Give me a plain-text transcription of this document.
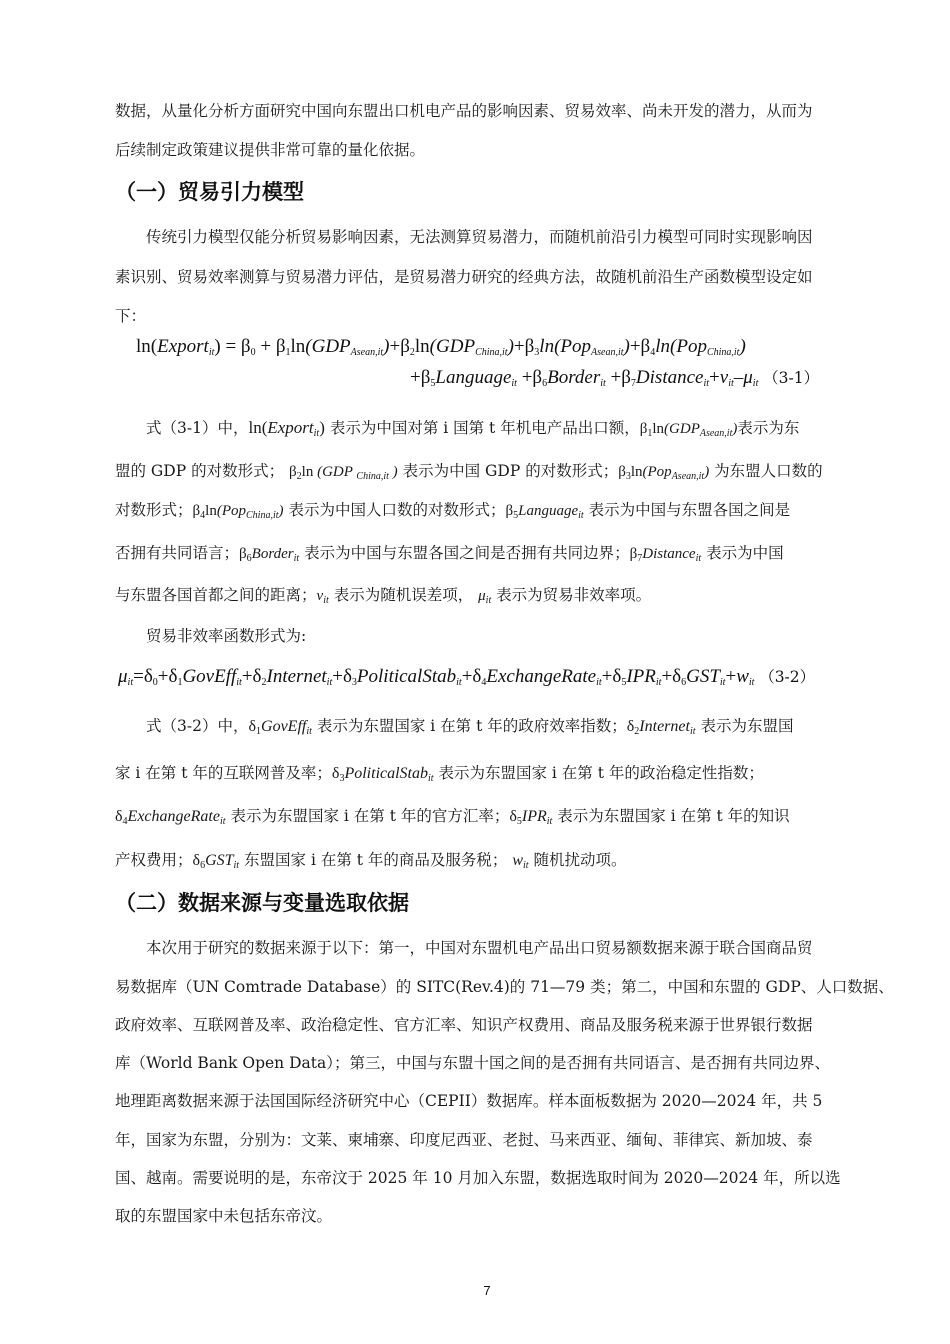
数据，从量化分析方面研究中国向东盟出口机电产品的影响因素、贸易效率、尚未开发的潜力，从而为
后续制定政策建议提供非常可靠的量化依据。
（一）贸易引力模型
传统引力模型仅能分析贸易影响因素，无法测算贸易潜力，而随机前沿引力模型可同时实现影响因
素识别、贸易效率测算与贸易潜力评估，是贸易潜力研究的经典方法，故随机前沿生产函数模型设定如
下：
ln(Export$_{it}$) = $\beta_0 + \beta_1\ln(GDP_{Asean,it})+\beta_2\ln(GDP_{China,it})+\beta_3\ln(Pop_{Asean,it})+\beta_4\ln(Pop_{China,it})$
$+\beta_5Language_{it}$ $+\beta_6Border_{it}$ $+\beta_7Distance_{it}+v_{it}-\mu_{it}$ （3-1）
式（3-1）中，ln(Export$_{it}$) 表示为中国对第 i 国第 t 年机电产品出口额，$\beta_1\ln(GDP_{Asean,it})$表示为东
盟的 GDP 的对数形式； $\beta_2\ln$ (GDP $_{China,it}$ ) 表示为中国 GDP 的对数形式；$\beta_3\ln(Pop_{Asean,it})$ 为东盟人口数的
对数形式；$\beta_4\ln(Pop_{China,it})$ 表示为中国人口数的对数形式；$\beta_5Language_{it}$ 表示为中国与东盟各国之间是
否拥有共同语言；$\beta_6Border_{it}$ 表示为中国与东盟各国之间是否拥有共同边界；$\beta_7Distance_{it}$ 表示为中国
与东盟各国首都之间的距离；$v_{it}$ 表示为随机误差项， $\mu_{it}$ 表示为贸易非效率项。
贸易非效率函数形式为:
$\mu_{it}=\delta_0+\delta_1GovEff_{it}+\delta_2Internet_{it}+\delta_3PoliticalStab_{it}+\delta_4ExchangeRate_{it}+\delta_5IPR_{it}+\delta_6GST_{it}+w_{it}$ （3-2）
式（3-2）中，$\delta_1GovEff_{it}$ 表示为东盟国家 i 在第 t 年的政府效率指数；$\delta_2Internet_{it}$ 表示为东盟国
家 i 在第 t 年的互联网普及率；$\delta_3PoliticalStab_{it}$ 表示为东盟国家 i 在第 t 年的政治稳定性指数；
$\delta_4ExchangeRate_{it}$ 表示为东盟国家 i 在第 t 年的官方汇率；$\delta_5IPR_{it}$ 表示为东盟国家 i 在第 t 年的知识
产权费用；$\delta_6GST_{it}$ 东盟国家 i 在第 t 年的商品及服务税； $w_{it}$ 随机扰动项。
（二）数据来源与变量选取依据
本次用于研究的数据来源于以下：第一，中国对东盟机电产品出口贸易额数据来源于联合国商品贸
易数据库（UN Comtrade Database）的 SITC(Rev.4)的 71—79 类；第二，中国和东盟的 GDP、人口数据、
政府效率、互联网普及率、政治稳定性、官方汇率、知识产权费用、商品及服务税来源于世界银行数据
库（World Bank Open Data）；第三，中国与东盟十国之间的是否拥有共同语言、是否拥有共同边界、
地理距离数据来源于法国国际经济研究中心（CEPII）数据库。样本面板数据为 2020—2024 年，共 5
年，国家为东盟，分别为：文莱、柬埔寨、印度尼西亚、老挝、马来西亚、缅甸、菲律宾、新加坡、泰
国、越南。需要说明的是，东帝汶于 2025 年 10 月加入东盟，数据选取时间为 2020—2024 年，所以选
取的东盟国家中未包括东帝汶。
7
